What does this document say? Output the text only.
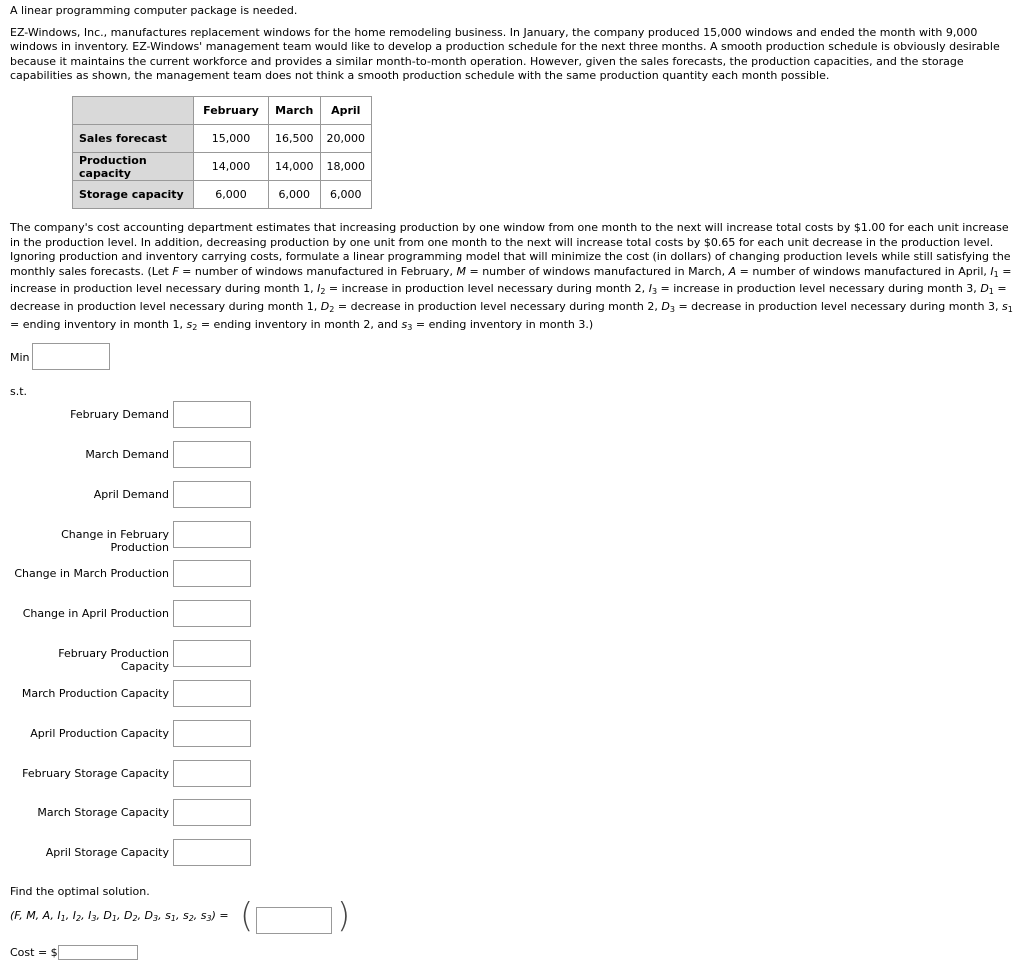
A linear programming computer package is needed.

EZ-Windows, Inc., manufactures replacement windows for the home remodeling business. In January, the company produced 15,000 windows and ended the month with 9,000 windows in inventory. EZ-Windows' management team would like to develop a production schedule for the next three months. A smooth production schedule is obviously desirable because it maintains the current workforce and provides a similar month-to-month operation. However, given the sales forecasts, the production capacities, and the storage capabilities as shown, the management team does not think a smooth production schedule with the same production quantity each month possible.

	February	March	April
Sales forecast	15,000	16,500	20,000
Production capacity	14,000	14,000	18,000
Storage capacity	6,000	6,000	6,000

The company's cost accounting department estimates that increasing production by one window from one month to the next will increase total costs by $1.00 for each unit increase in the production level. In addition, decreasing production by one unit from one month to the next will increase total costs by $0.65 for each unit decrease in the production level. Ignoring production and inventory carrying costs, formulate a linear programming model that will minimize the cost (in dollars) of changing production levels while still satisfying the monthly sales forecasts. (Let F = number of windows manufactured in February, M = number of windows manufactured in March, A = number of windows manufactured in April, $I_1$ = increase in production level necessary during month 1, $I_2$ = increase in production level necessary during month 2, $I_3$ = increase in production level necessary during month 3, $D_1$ = decrease in production level necessary during month 1, $D_2$ = decrease in production level necessary during month 2, $D_3$ = decrease in production level necessary during month 3, $s_1$ = ending inventory in month 1, $s_2$ = ending inventory in month 2, and $s_3$ = ending inventory in month 3.)

Min
s.t.
February Demand
March Demand
April Demand
Change in February Production
Change in March Production
Change in April Production
February Production Capacity
March Production Capacity
April Production Capacity
February Storage Capacity
March Storage Capacity
April Storage Capacity
Find the optimal solution.
(F, M, A, $I_1$, $I_2$, $I_3$, $D_1$, $D_2$, $D_3$, $s_1$, $s_2$, $s_3$) = ( )
Cost = $
